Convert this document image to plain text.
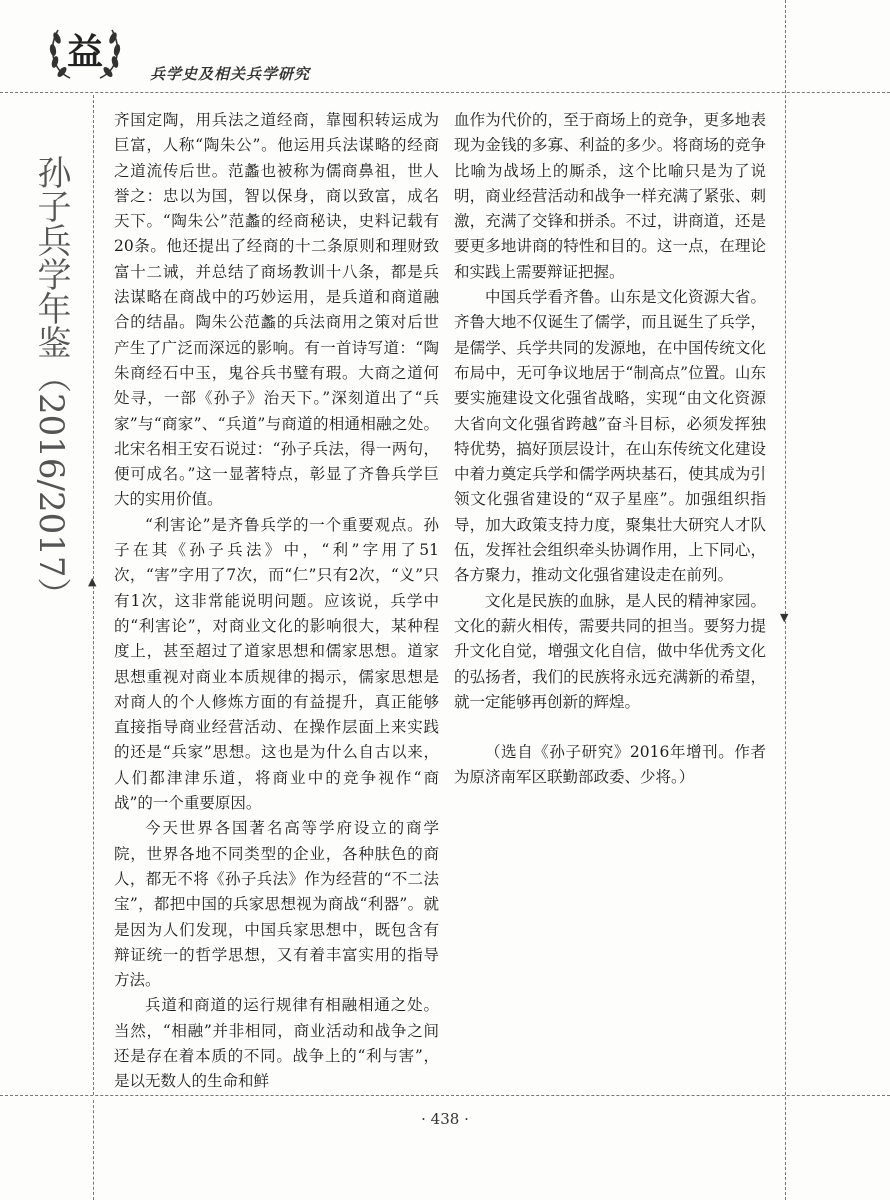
益
兵学史及相关兵学研究
孙子兵学年鉴（2016/2017）	▲
▼

齐国定陶，用兵法之道经商，靠囤积转运成为巨富，人称“陶朱公”。他运用兵法谋略的经商之道流传后世。范蠡也被称为儒商鼻祖，世人誉之：忠以为国，智以保身，商以致富，成名天下。“陶朱公”范蠡的经商秘诀，史料记载有20条。他还提出了经商的十二条原则和理财致富十二诫，并总结了商场教训十八条，都是兵法谋略在商战中的巧妙运用，是兵道和商道融合的结晶。陶朱公范蠡的兵法商用之策对后世产生了广泛而深远的影响。有一首诗写道：“陶朱商经石中玉，鬼谷兵书璧有瑕。大商之道何处寻，一部《孙子》治天下。”深刻道出了“兵家”与“商家”、“兵道”与商道的相通相融之处。北宋名相王安石说过：“孙子兵法，得一两句，便可成名。”这一显著特点，彰显了齐鲁兵学巨大的实用价值。

“利害论”是齐鲁兵学的一个重要观点。孙子在其《孙子兵法》中，“利”字用了51次，“害”字用了7次，而“仁”只有2次，“义”只有1次，这非常能说明问题。应该说，兵学中的“利害论”，对商业文化的影响很大，某种程度上，甚至超过了道家思想和儒家思想。道家思想重视对商业本质规律的揭示，儒家思想是对商人的个人修炼方面的有益提升，真正能够直接指导商业经营活动、在操作层面上来实践的还是“兵家”思想。这也是为什么自古以来，人们都津津乐道，将商业中的竞争视作“商战”的一个重要原因。

今天世界各国著名高等学府设立的商学院，世界各地不同类型的企业，各种肤色的商人，都无不将《孙子兵法》作为经营的“不二法宝”，都把中国的兵家思想视为商战“利器”。就是因为人们发现，中国兵家思想中，既包含有辩证统一的哲学思想，又有着丰富实用的指导方法。

兵道和商道的运行规律有相融相通之处。当然，“相融”并非相同，商业活动和战争之间还是存在着本质的不同。战争上的“利与害”，是以无数人的生命和鲜

血作为代价的，至于商场上的竞争，更多地表现为金钱的多寡、利益的多少。将商场的竞争比喻为战场上的厮杀，这个比喻只是为了说明，商业经营活动和战争一样充满了紧张、刺激，充满了交锋和拼杀。不过，讲商道，还是要更多地讲商的特性和目的。这一点，在理论和实践上需要辩证把握。

中国兵学看齐鲁。山东是文化资源大省。齐鲁大地不仅诞生了儒学，而且诞生了兵学，是儒学、兵学共同的发源地，在中国传统文化布局中，无可争议地居于“制高点”位置。山东要实施建设文化强省战略，实现“由文化资源大省向文化强省跨越”奋斗目标，必须发挥独特优势，搞好顶层设计，在山东传统文化建设中着力奠定兵学和儒学两块基石，使其成为引领文化强省建设的“双子星座”。加强组织指导，加大政策支持力度，聚集壮大研究人才队伍，发挥社会组织牵头协调作用，上下同心，各方聚力，推动文化强省建设走在前列。

文化是民族的血脉，是人民的精神家园。文化的薪火相传，需要共同的担当。要努力提升文化自觉，增强文化自信，做中华优秀文化的弘扬者，我们的民族将永远充满新的希望，就一定能够再创新的辉煌。

（选自《孙子研究》2016年增刊。作者为原济南军区联勤部政委、少将。）

· 438 ·
